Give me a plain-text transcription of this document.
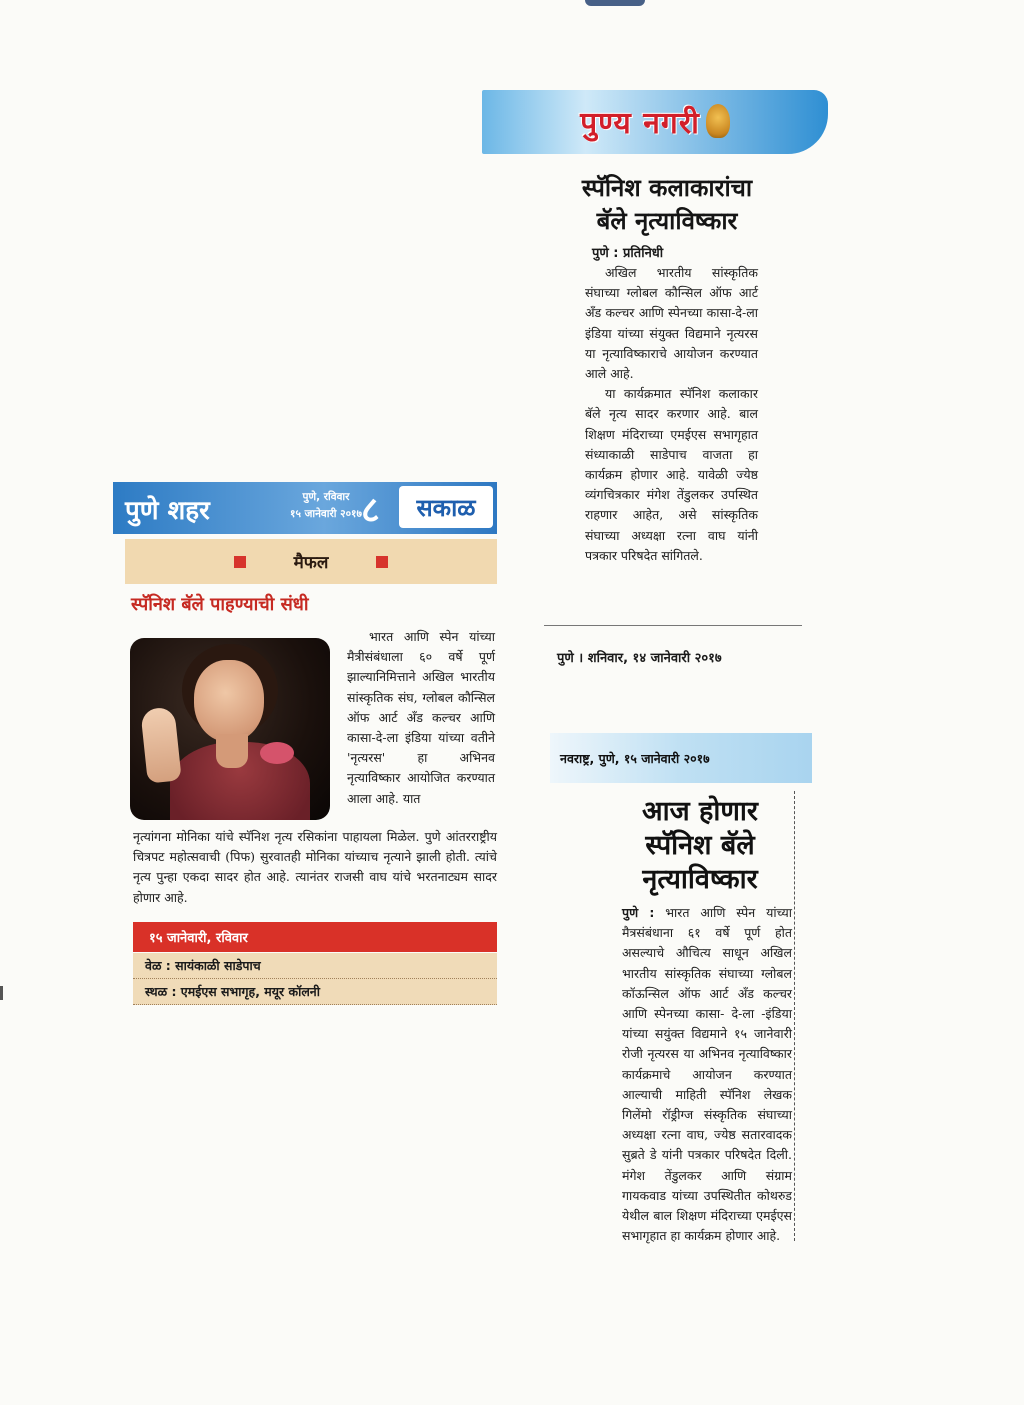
पुण्य नगरी
स्पॅनिश कलाकारांचा
बॅले नृत्याविष्कार
पुणे : प्रतिनिधी

अखिल भारतीय सांस्कृतिक संघाच्या ग्लोबल कौन्सिल ऑफ आर्ट अँड कल्चर आणि स्पेनच्या कासा-दे-ला इंडिया यांच्या संयुक्त विद्यमाने नृत्यरस या नृत्याविष्काराचे आयोजन करण्यात आले आहे.

या कार्यक्रमात स्पॅनिश कलाकार बॅले नृत्य सादर करणार आहे. बाल शिक्षण मंदिराच्या एमईएस सभागृहात संध्याकाळी साडेपाच वाजता हा कार्यक्रम होणार आहे. यावेळी ज्येष्ठ व्यंगचित्रकार मंगेश तेंडुलकर उपस्थित राहणार आहेत, असे सांस्कृतिक संघाच्या अध्यक्षा रत्ना वाघ यांनी पत्रकार परिषदेत सांगितले.

पुणे । शनिवार, १४ जानेवारी २०१७
पुणे शहर	पुणे, रविवार
१५ जानेवारी २०१७ ८ सकाळ
मैफल
स्पॅनिश बॅले पाहण्याची संधी

भारत आणि स्पेन यांच्या मैत्रीसंबंधाला ६० वर्षे पूर्ण झाल्यानिमित्ताने अखिल भारतीय सांस्कृतिक संघ, ग्लोबल कौन्सिल ऑफ आर्ट अँड कल्चर आणि कासा-दे-ला इंडिया यांच्या वतीने 'नृत्यरस' हा अभिनव नृत्याविष्कार आयोजित करण्यात आला आहे. यात

नृत्यांगना मोनिका यांचे स्पॅनिश नृत्य रसिकांना पाहायला मिळेल. पुणे आंतरराष्ट्रीय चित्रपट महोत्सवाची (पिफ) सुरवातही मोनिका यांच्याच नृत्याने झाली होती. त्यांचे नृत्य पुन्हा एकदा सादर होत आहे. त्यानंतर राजसी वाघ यांचे भरतनाट्यम सादर होणार आहे.

१५ जानेवारी, रविवार
वेळ : सायंकाळी साडेपाच
स्थळ : एमईएस सभागृह, मयूर कॉलनी
नवराष्ट्र, पुणे, १५ जानेवारी २०१७
आज होणार
स्पॅनिश बॅले
नृत्याविष्कार

पुणे : भारत आणि स्पेन यांच्या मैत्रसंबंधाना ६१ वर्षे पूर्ण होत असल्याचे औचित्य साधून अखिल भारतीय सांस्कृतिक संघाच्या ग्लोबल कॉऊन्सिल ऑफ आर्ट अँड कल्चर आणि स्पेनच्या कासा- दे-ला -इंडिया यांच्या सयुंक्त विद्यमाने १५ जानेवारी रोजी नृत्यरस या अभिनव नृत्याविष्कार कार्यक्रमाचे आयोजन करण्यात आल्याची माहिती स्पॅनिश लेखक गिलेंमो रॉड्रीग्ज संस्कृतिक संघाच्या अध्यक्षा रत्ना वाघ, ज्येष्ठ सतारवादक सुब्रते डे यांनी पत्रकार परिषदेत दिली. मंगेश तेंडुलकर आणि संग्राम गायकवाड यांच्या उपस्थितीत कोथरुड येथील बाल शिक्षण मंदिराच्या एमईएस सभागृहात हा कार्यक्रम होणार आहे.
